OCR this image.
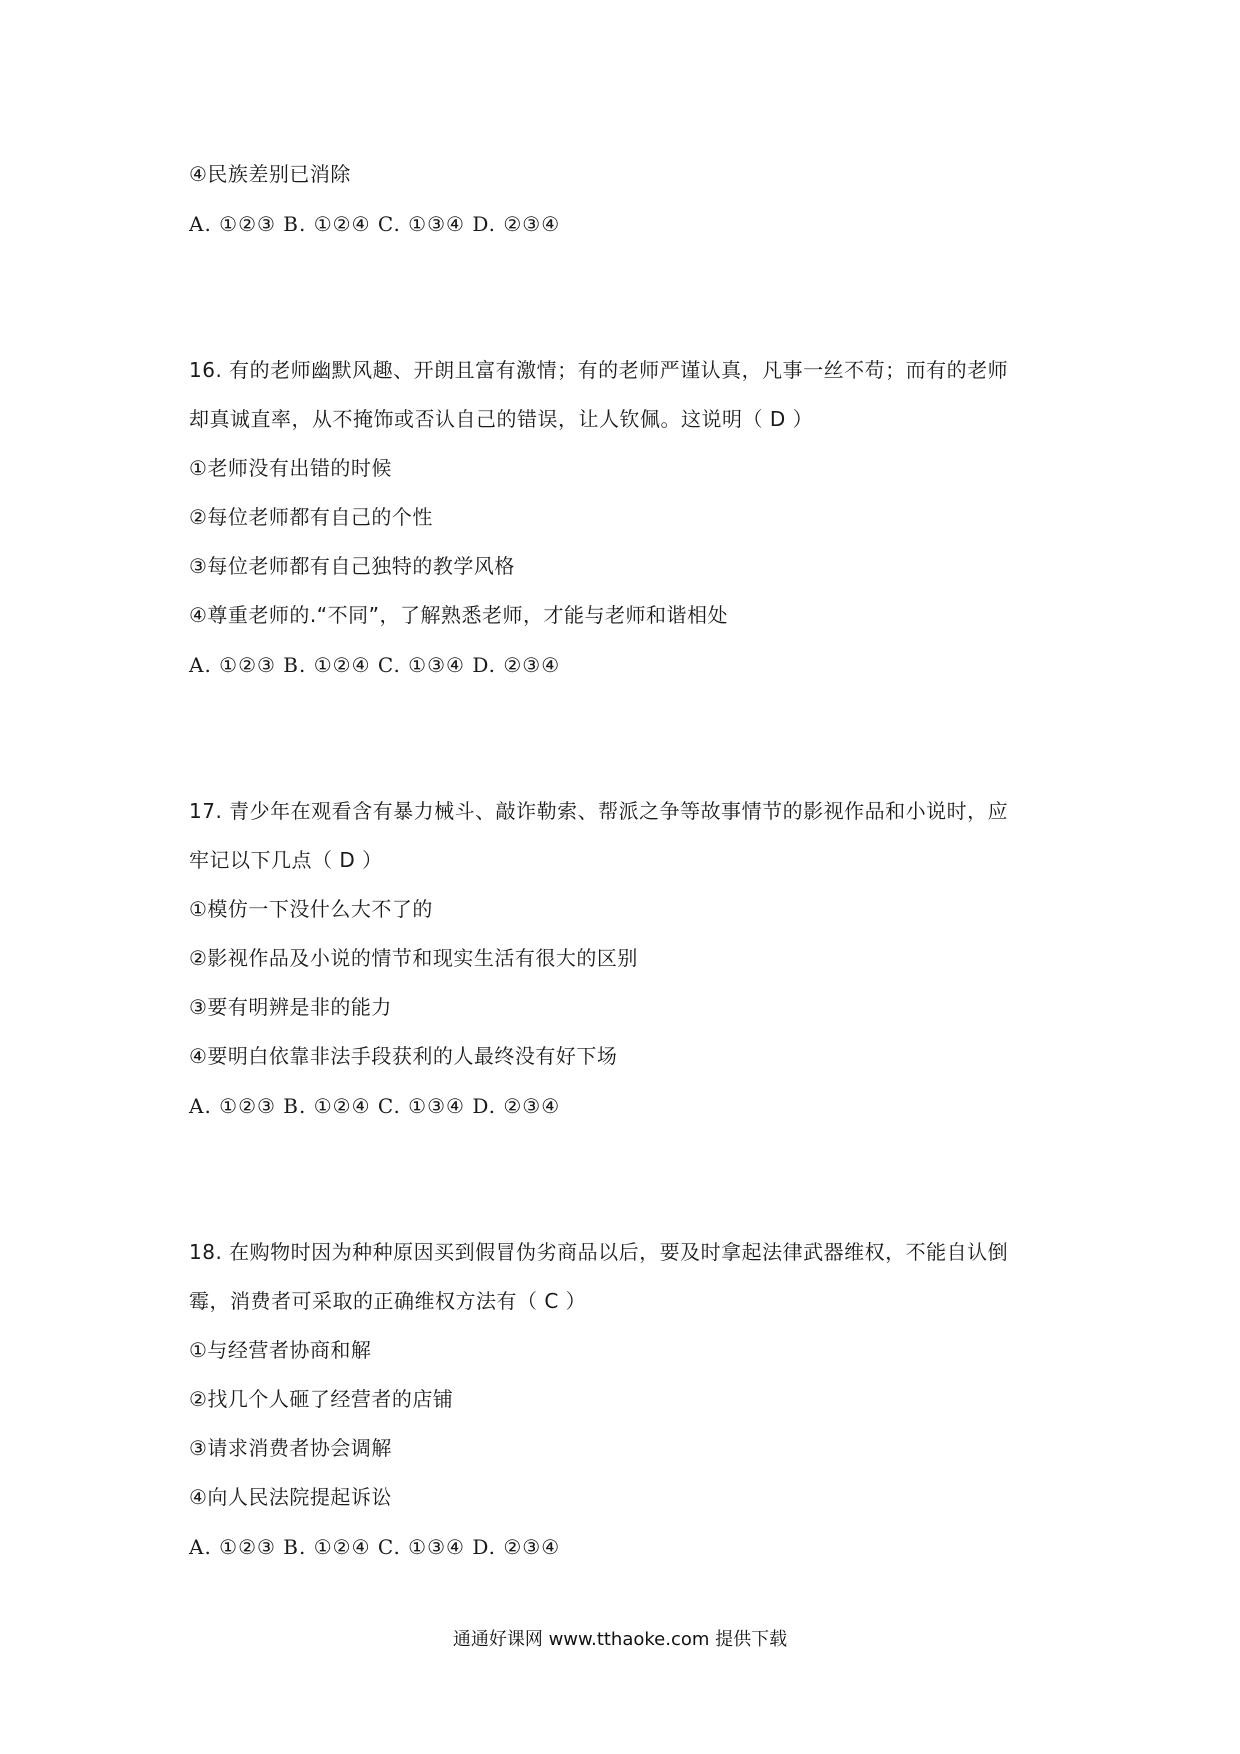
④民族差别已消除
A. ①②③ B. ①②④ C. ①③④ D. ②③④
16. 有的老师幽默风趣、开朗且富有激情；有的老师严谨认真，凡事一丝不苟；而有的老师
却真诚直率，从不掩饰或否认自己的错误，让人钦佩。这说明（ D ）
①老师没有出错的时候
②每位老师都有自己的个性
③每位老师都有自己独特的教学风格
④尊重老师的.“不同”，了解熟悉老师，才能与老师和谐相处
A. ①②③ B. ①②④ C. ①③④ D. ②③④
17. 青少年在观看含有暴力械斗、敲诈勒索、帮派之争等故事情节的影视作品和小说时，应
牢记以下几点（ D ）
①模仿一下没什么大不了的
②影视作品及小说的情节和现实生活有很大的区别
③要有明辨是非的能力
④要明白依靠非法手段获利的人最终没有好下场
A. ①②③ B. ①②④ C. ①③④ D. ②③④
18. 在购物时因为种种原因买到假冒伪劣商品以后，要及时拿起法律武器维权，不能自认倒
霉，消费者可采取的正确维权方法有（ C ）
①与经营者协商和解
②找几个人砸了经营者的店铺
③请求消费者协会调解
④向人民法院提起诉讼
A. ①②③ B. ①②④ C. ①③④ D. ②③④
通通好课网 www.tthaoke.com 提供下载
